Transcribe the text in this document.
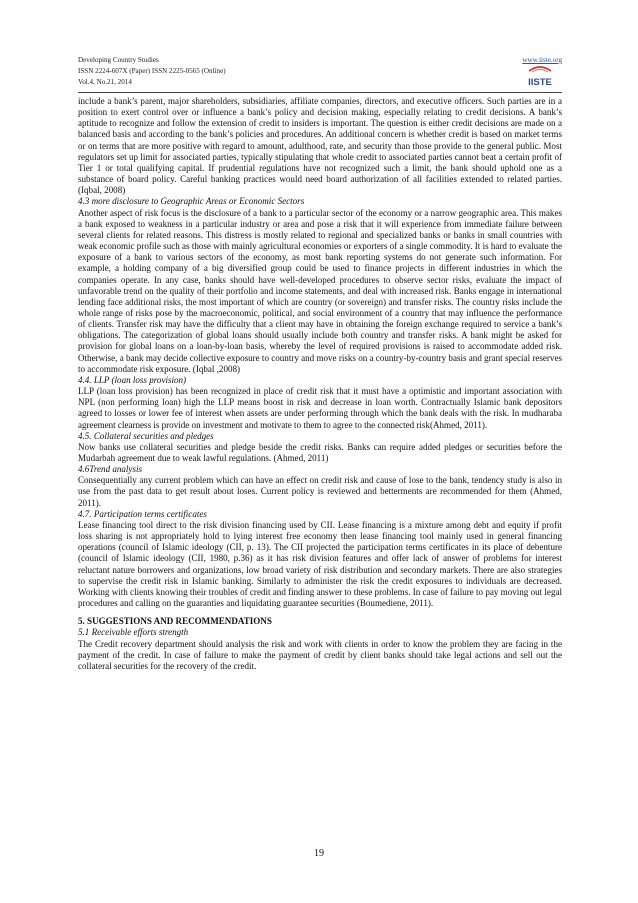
Developing Country Studies
ISSN 2224-607X (Paper) ISSN 2225-0565 (Online)
Vol.4, No.21, 2014
www.iiste.org
IISTE

include a bank’s parent, major shareholders, subsidiaries, affiliate companies, directors, and executive officers. Such parties are in a position to exert control over or influence a bank’s policy and decision making, especially relating to credit decisions. A bank’s aptitude to recognize and follow the extension of credit to insiders is important. The question is either credit decisions are made on a balanced basis and according to the bank’s policies and procedures. An additional concern is whether credit is based on market terms or on terms that are more positive with regard to amount, adulthood, rate, and security than those provide to the general public. Most regulators set up limit for associated parties, typically stipulating that whole credit to associated parties cannot beat a certain profit of Tier 1 or total qualifying capital. If prudential regulations have not recognized such a limit, the bank should uphold one as a substance of board policy. Careful banking practices would need board authorization of all facilities extended to related parties. (Iqbal, 2008)

4.3 more disclosure to Geographic Areas or Economic Sectors

Another aspect of risk focus is the disclosure of a bank to a particular sector of the economy or a narrow geographic area. This makes a bank exposed to weakness in a particular industry or area and pose a risk that it will experience from immediate failure between several clients for related reasons. This distress is mostly related to regional and specialized banks or banks in small countries with weak economic profile such as those with mainly agricultural economies or exporters of a single commodity. It is hard to evaluate the exposure of a bank to various sectors of the economy, as most bank reporting systems do not generate such information. For example, a holding company of a big diversified group could be used to finance projects in different industries in which the companies operate. In any case, banks should have well-developed procedures to observe sector risks, evaluate the impact of unfavorable trend on the quality of their portfolio and income statements, and deal with increased risk. Banks engage in international lending face additional risks, the most important of which are country (or sovereign) and transfer risks. The country risks include the whole range of risks pose by the macroeconomic, political, and social environment of a country that may influence the performance of clients. Transfer risk may have the difficulty that a client may have in obtaining the foreign exchange required to service a bank’s obligations. The categorization of global loans should usually include both country and transfer risks. A bank might be asked for provision for global loans on a loan-by-loan basis, whereby the level of required provisions is raised to accommodate added risk. Otherwise, a bank may decide collective exposure to country and move risks on a country-by-country basis and grant special reserves to accommodate risk exposure. (Iqbal ,2008)

4.4. LLP (loan loss provision)

LLP (loan loss provision) has been recognized in place of credit risk that it must have a optimistic and important association with NPL (non performing loan) high the LLP means boost in risk and decrease in loan worth. Contractually Islamic bank depositors agreed to losses or lower fee of interest when assets are under performing through which the bank deals with the risk. In mudharaba agreement clearness is provide on investment and motivate to them to agree to the connected risk(Ahmed, 2011).

4.5. Collateral securities and pledges

Now banks use collateral securities and pledge beside the credit risks. Banks can require added pledges or securities before the Mudarbah agreement due to weak lawful regulations. (Ahmed, 2011)

4.6Trend analysis

Consequentially any current problem which can have an effect on credit risk and cause of lose to the bank, tendency study is also in use from the past data to get result about loses. Current policy is reviewed and betterments are recommended for them (Ahmed, 2011).

4.7. Participation terms certificates

Lease financing tool direct to the risk division financing used by CII. Lease financing is a mixture among debt and equity if profit loss sharing is not appropriately hold to lying interest free economy then lease financing tool mainly used in general financing operations (council of Islamic ideology (CII, p. 13). The CII projected the participation terms certificates in its place of debenture (council of Islamic ideology (CII, 1980, p.36) as it has risk division features and offer lack of answer of problems for interest reluctant nature borrowers and organizations, low broad variety of risk distribution and secondary markets. There are also strategies to supervise the credit risk in Islamic banking. Similarly to administer the risk the credit exposures to individuals are decreased. Working with clients knowing their troubles of credit and finding answer to these problems. In case of failure to pay moving out legal procedures and calling on the guaranties and liquidating guarantee securities (Boumediene, 2011).

5. SUGGESTIONS AND RECOMMENDATIONS

5.1 Receivable efforts strength

The Credit recovery department should analysis the risk and work with clients in order to know the problem they are facing in the payment of the credit. In case of failure to make the payment of credit by client banks should take legal actions and sell out the collateral securities for the recovery of the credit.

19
